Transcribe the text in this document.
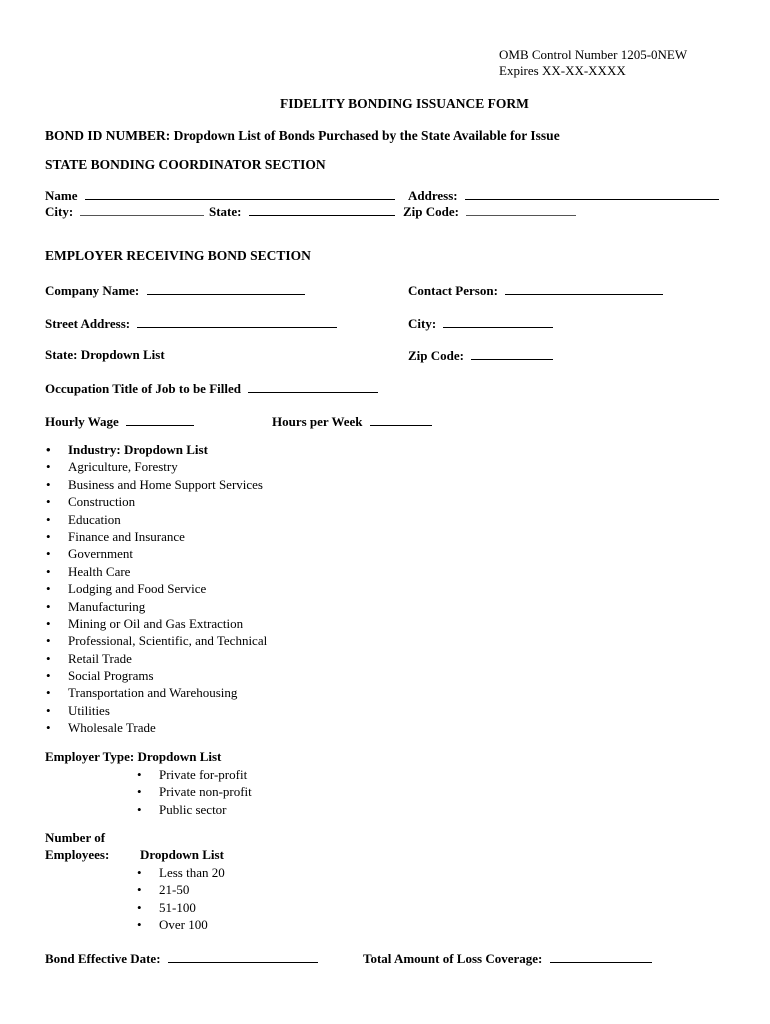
OMB Control Number 1205-0NEW
Expires XX-XX-XXXX
FIDELITY BONDING ISSUANCE FORM
BOND ID NUMBER: Dropdown List of Bonds Purchased by the State Available for Issue
STATE BONDING COORDINATOR SECTION
Name	Address:
City:	State:	Zip Code:
EMPLOYER RECEIVING BOND SECTION
Company Name:	Contact Person:
Street Address:	City:
State: Dropdown List	Zip Code:
Occupation Title of Job to be Filled
Hourly Wage	Hours per Week
• Industry: Dropdown List
• Agriculture, Forestry
• Business and Home Support Services
• Construction
• Education
• Finance and Insurance
• Government
• Health Care
• Lodging and Food Service
• Manufacturing
• Mining or Oil and Gas Extraction
• Professional, Scientific, and Technical
• Retail Trade
• Social Programs
• Transportation and Warehousing
• Utilities
• Wholesale Trade
Employer Type: Dropdown List
• Private for-profit
• Private non-profit
• Public sector
Number of
Employees: Dropdown List
• Less than 20
• 21-50
• 51-100
• Over 100
Bond Effective Date:	Total Amount of Loss Coverage:
